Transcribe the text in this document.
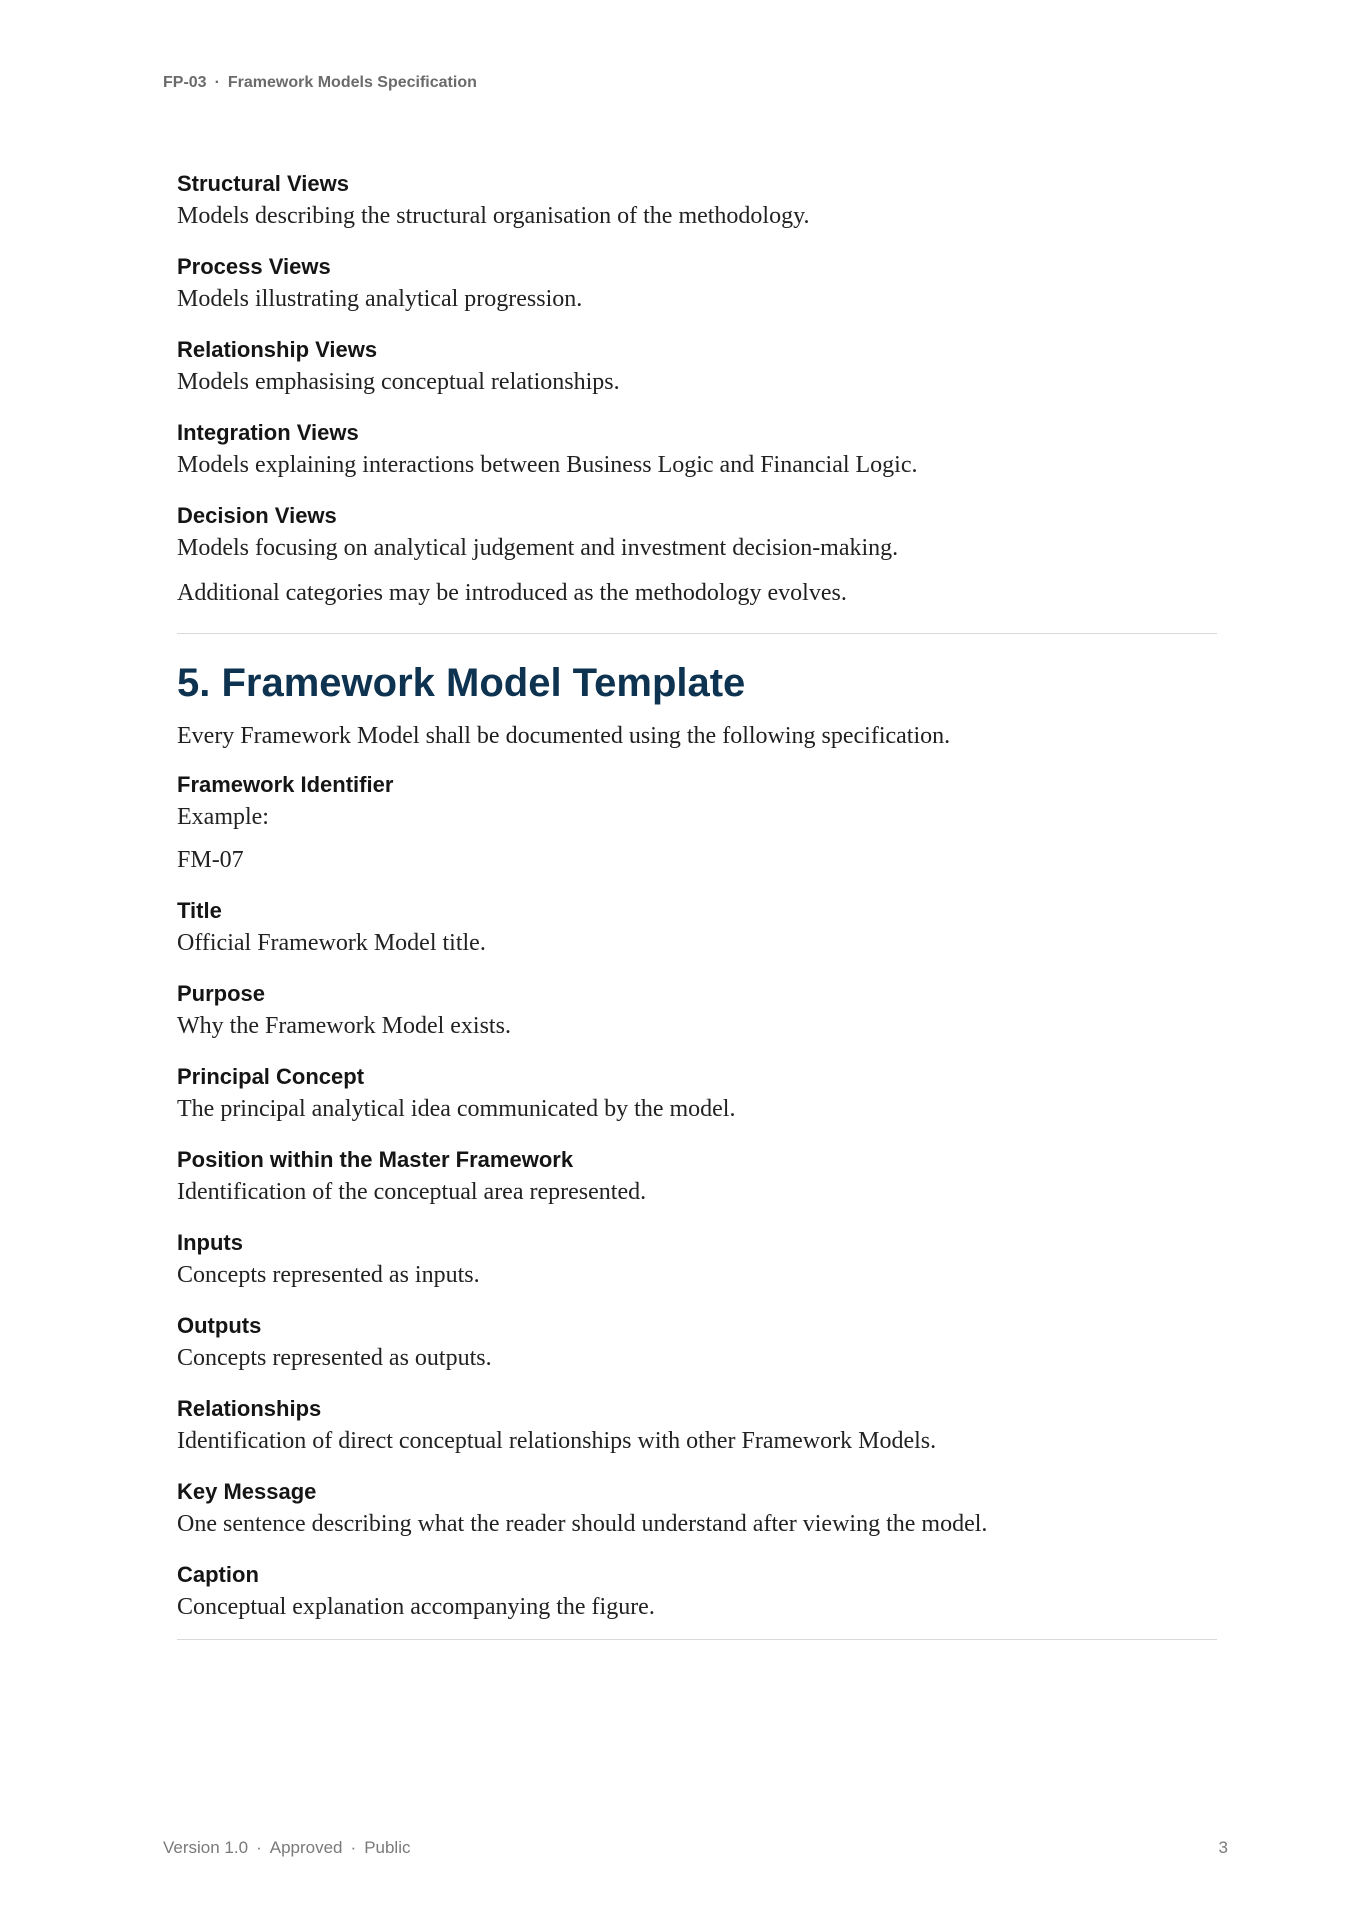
FP-03 · Framework Models Specification
Structural Views
Models describing the structural organisation of the methodology.
Process Views
Models illustrating analytical progression.
Relationship Views
Models emphasising conceptual relationships.
Integration Views
Models explaining interactions between Business Logic and Financial Logic.
Decision Views
Models focusing on analytical judgement and investment decision-making.
Additional categories may be introduced as the methodology evolves.
5. Framework Model Template
Every Framework Model shall be documented using the following specification.
Framework Identifier
Example:
FM-07
Title
Official Framework Model title.
Purpose
Why the Framework Model exists.
Principal Concept
The principal analytical idea communicated by the model.
Position within the Master Framework
Identification of the conceptual area represented.
Inputs
Concepts represented as inputs.
Outputs
Concepts represented as outputs.
Relationships
Identification of direct conceptual relationships with other Framework Models.
Key Message
One sentence describing what the reader should understand after viewing the model.
Caption
Conceptual explanation accompanying the figure.
Version 1.0 · Approved · Public	3
